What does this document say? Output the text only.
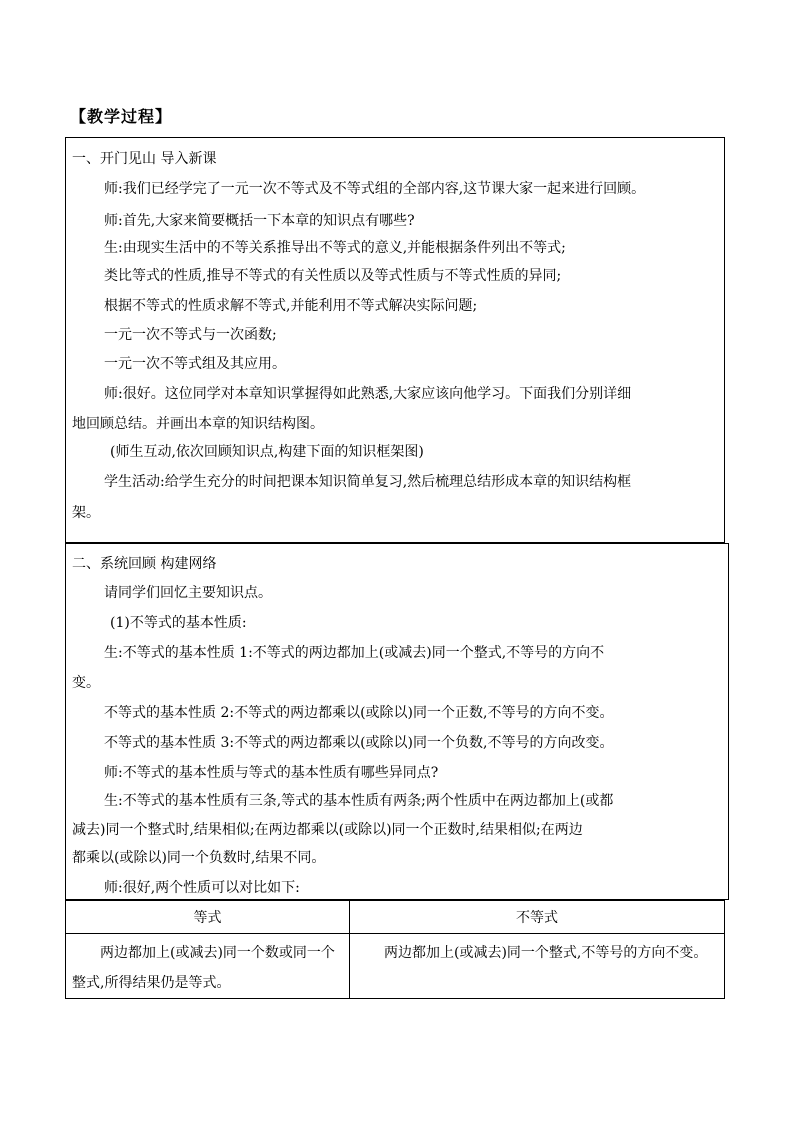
【教学过程】
一、开门见山 导入新课
师:我们已经学完了一元一次不等式及不等式组的全部内容,这节课大家一起来进行回顾。
师:首先,大家来简要概括一下本章的知识点有哪些?
生:由现实生活中的不等关系推导出不等式的意义,并能根据条件列出不等式;
类比等式的性质,推导不等式的有关性质以及等式性质与不等式性质的异同;
根据不等式的性质求解不等式,并能利用不等式解决实际问题;
一元一次不等式与一次函数;
一元一次不等式组及其应用。
师:很好。这位同学对本章知识掌握得如此熟悉,大家应该向他学习。下面我们分别详细
地回顾总结。并画出本章的知识结构图。
(师生互动,依次回顾知识点,构建下面的知识框架图)
学生活动:给学生充分的时间把课本知识简单复习,然后梳理总结形成本章的知识结构框
架。
二、系统回顾 构建网络
请同学们回忆主要知识点。
(1)不等式的基本性质:
生:不等式的基本性质 1:不等式的两边都加上(或减去)同一个整式,不等号的方向不
变。
不等式的基本性质 2:不等式的两边都乘以(或除以)同一个正数,不等号的方向不变。
不等式的基本性质 3:不等式的两边都乘以(或除以)同一个负数,不等号的方向改变。
师:不等式的基本性质与等式的基本性质有哪些异同点?
生:不等式的基本性质有三条,等式的基本性质有两条;两个性质中在两边都加上(或都
减去)同一个整式时,结果相似;在两边都乘以(或除以)同一个正数时,结果相似;在两边
都乘以(或除以)同一个负数时,结果不同。
师:很好,两个性质可以对比如下:
等式	不等式

两边都加上(或减去)同一个数或同一个整式,所得结果仍是等式。	两边都加上(或减去)同一个整式,不等号的方向不变。
